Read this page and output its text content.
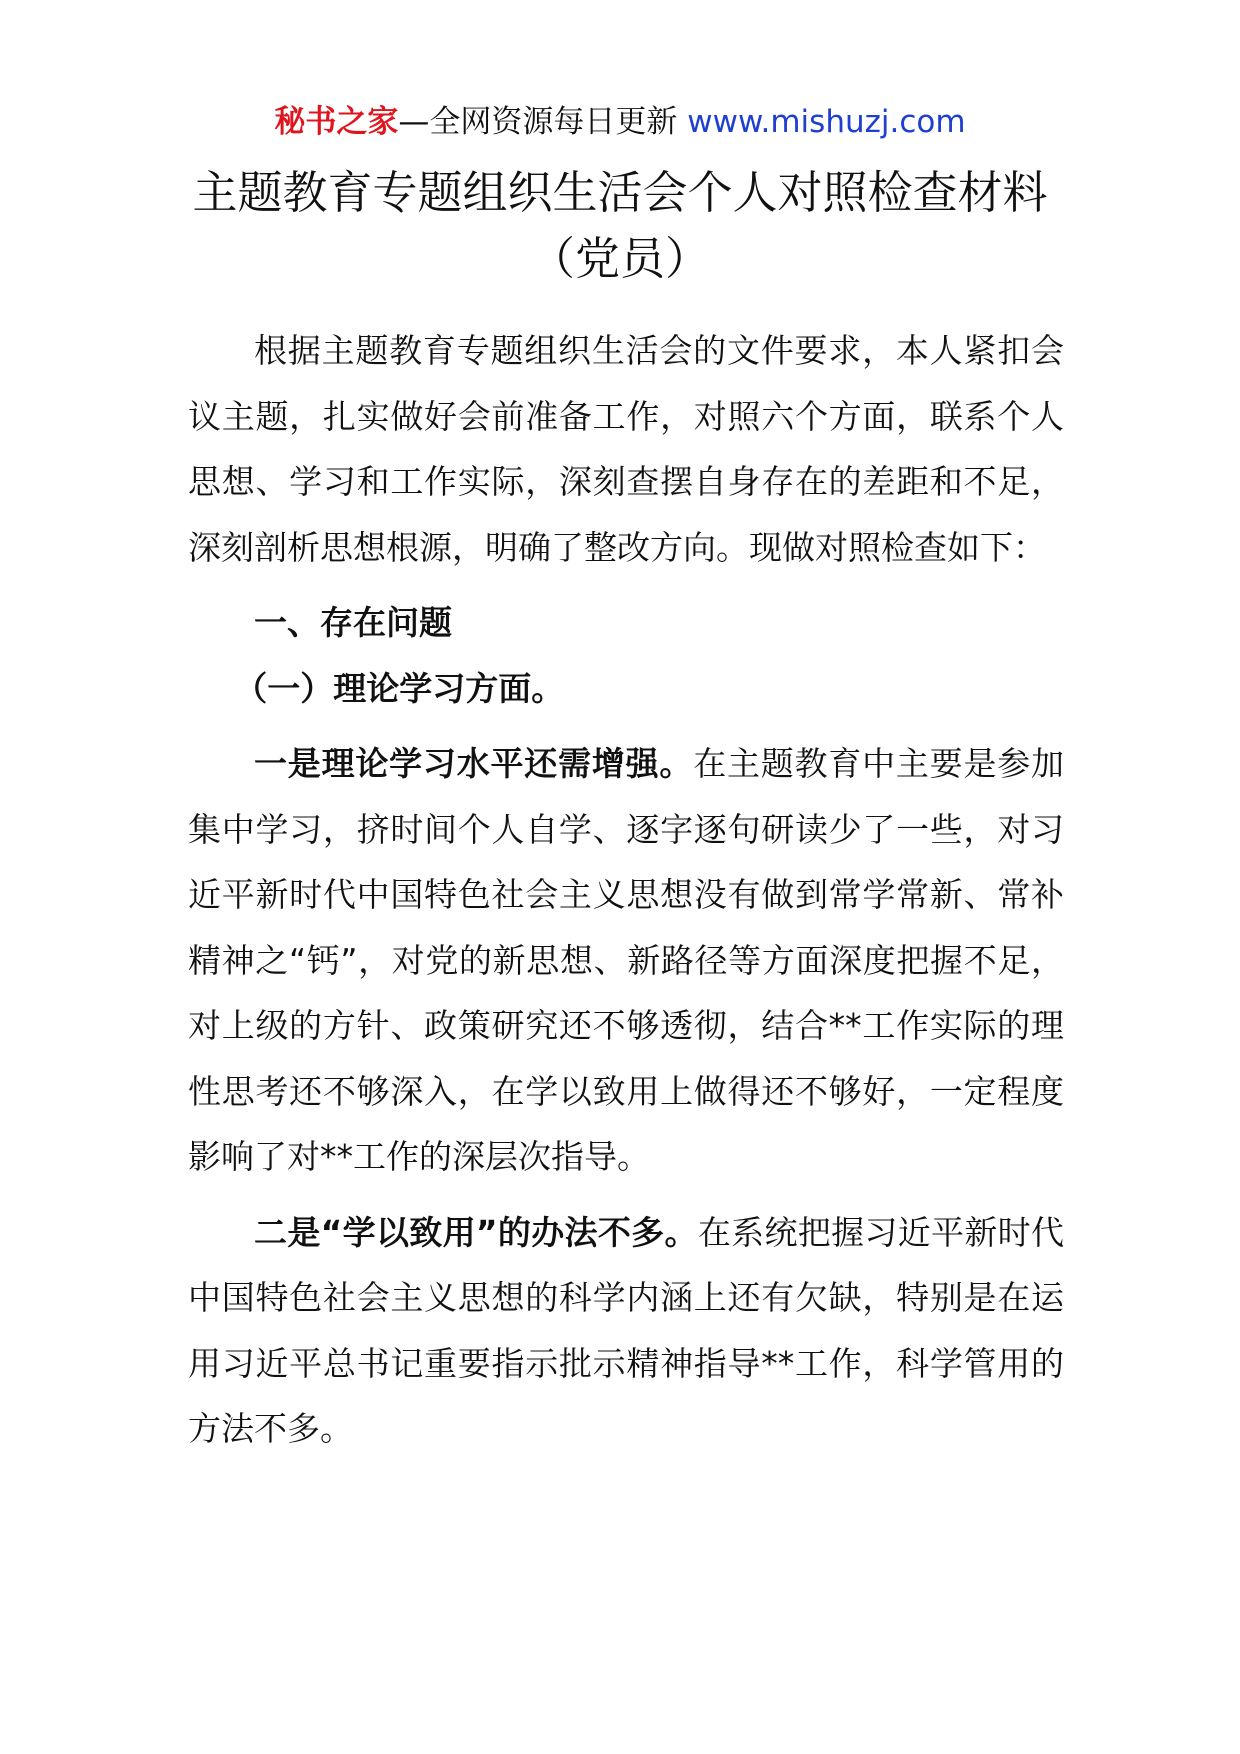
秘书之家—全网资源每日更新 www.mishuzj.com
主题教育专题组织生活会个人对照检查材料（党员）

根据主题教育专题组织生活会的文件要求，本人紧扣会议主题，扎实做好会前准备工作，对照六个方面，联系个人思想、学习和工作实际，深刻查摆自身存在的差距和不足，深刻剖析思想根源，明确了整改方向。现做对照检查如下：

一、存在问题

（一）理论学习方面。

一是理论学习水平还需增强。在主题教育中主要是参加集中学习，挤时间个人自学、逐字逐句研读少了一些，对习近平新时代中国特色社会主义思想没有做到常学常新、常补精神之“钙”，对党的新思想、新路径等方面深度把握不足，对上级的方针、政策研究还不够透彻，结合**工作实际的理性思考还不够深入，在学以致用上做得还不够好，一定程度影响了对**工作的深层次指导。

二是“学以致用”的办法不多。在系统把握习近平新时代中国特色社会主义思想的科学内涵上还有欠缺，特别是在运用习近平总书记重要指示批示精神指导**工作，科学管用的方法不多。
